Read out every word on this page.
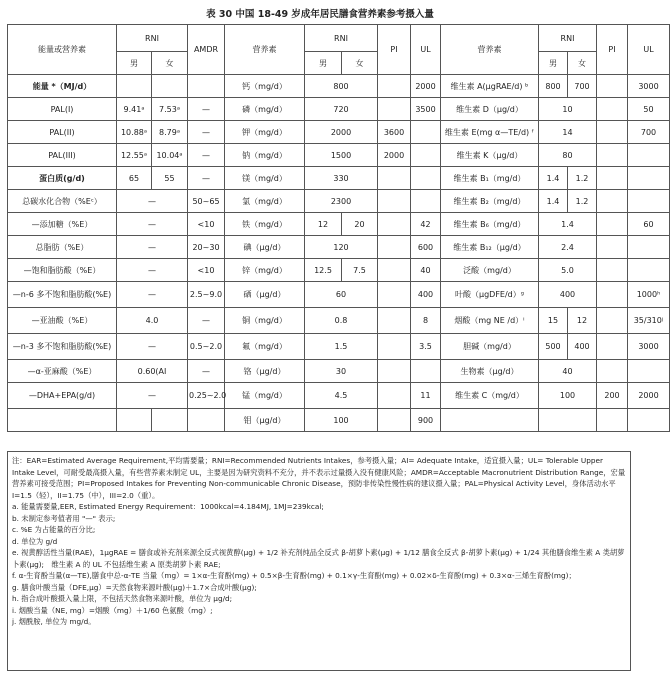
表 30 中国 18-49 岁成年居民膳食营养素参考摄入量
能量或营养素	RNI		AMDR	营养素	RNI		PI	UL	营养素	RNI		PI	UL
	男	女			男	女				男	女		
能量 *（MJ/d）				钙（mg/d）	800			2000	维生素 A(μgRAE/d) ᵇ	800	700		3000
PAL(I)	9.41ᵃ	7.53ᵃ	—	磷（mg/d）	720			3500	维生素 D（μg/d）	10			50
PAL(II)	10.88ᵃ	8.79ᵃ	—	钾（mg/d）	2000		3600		维生素 E(mg α—TE/d) ᶠ	14			700
PAL(III)	12.55ᵃ	10.04ᵃ	—	钠（mg/d）	1500		2000		维生素 K（μg/d）	80			
蛋白质(g/d)	65	55	—	镁（mg/d）	330				维生素 B₁（mg/d）	1.4	1.2		
总碳水化合物（%Eᶜ）	—		50~65	氯（mg/d）	2300				维生素 B₂（mg/d）	1.4	1.2		
—添加糖（%E）	—		<10	铁（mg/d）	12	20		42	维生素 B₆（mg/d）	1.4			60
总脂肪（%E）	—		20~30	碘（μg/d）	120			600	维生素 B₁₂（μg/d）	2.4			
—饱和脂肪酸（%E）	—		<10	锌（mg/d）	12.5	7.5		40	泛酸（mg/d）	5.0			
—n-6 多不饱和脂肪酸(%E)	—		2.5~9.0	硒（μg/d）	60			400	叶酸（μgDFE/d）ᵍ	400			1000ʰ
—亚油酸（%E）	4.0		—	铜（mg/d）	0.8			8	烟酸（mg NE /d）ⁱ	15	12		35/310ʲ
—n-3 多不饱和脂肪酸(%E)	—		0.5~2.0	氟（mg/d）	1.5			3.5	胆碱（mg/d）	500	400		3000
—α-亚麻酸（%E）	0.60(AI		—	铬（μg/d）	30				生物素（μg/d）	40			
—DHA+EPA(g/d)	—		0.25~2.0	锰（mg/d）	4.5			11	维生素 C（mg/d）	100		200	2000
				钼（μg/d）	100			900					
注：EAR=Estimated Average Requirement,平均需要量；RNI=Recommended Nutrients Intakes，参考摄入量；AI= Adequate Intake，适宜摄入量；UL= Tolerable Upper Intake Level，可耐受最高摄入量，有些营养素未制定 UL，主要是因为研究资料不充分，并不表示过量摄入没有健康风险；AMDR=Acceptable Macronutrient Distribution Range，宏量营养素可接受范围；PI=Proposed Intakes for Preventing Non-communicable Chronic Disease，预防非传染性慢性病的建议摄入量；PAL=Physical Activity Level，身体活动水平 I=1.5（轻），II=1.75（中），III=2.0（重）。
a. 能量需要量,EER, Estimated Energy Requirement：1000kcal=4.184MJ, 1MJ=239kcal;
b. 未制定参考值者用 "—" 表示;
c. %E 为占能量的百分比;
d. 单位为 g/d
e. 视黄醇活性当量(RAE)，1μgRAE = 膳食或补充剂来源全反式视黄醇(μg) + 1/2 补充剂纯品全反式 β-胡萝卜素(μg) + 1/12 膳食全反式 β-胡萝卜素(μg) + 1/24 其他膳食维生素 A 类胡萝卜素(μg);　维生素 A 的 UL 不包括维生素 A 原类胡萝卜素 RAE;
f. α-生育酚当量(α—TE),膳食中总-α-TE 当量（mg）= 1×α-生育酚(mg) + 0.5×β-生育酚(mg) + 0.1×γ-生育酚(mg) + 0.02×δ-生育酚(mg) + 0.3×α-三烯生育酚(mg)；
g. 膳食叶酸当量（DFE,μg）=天然食物来源叶酸(μg)＋1.7×合成叶酸(μg);
h. 指合成叶酸摄入量上限，不包括天然食物来源叶酸，单位为 μg/d;
i. 烟酸当量（NE, mg）=烟酸（mg）＋1/60 色氨酸（mg）;
j. 烟酰胺, 单位为 mg/d。
